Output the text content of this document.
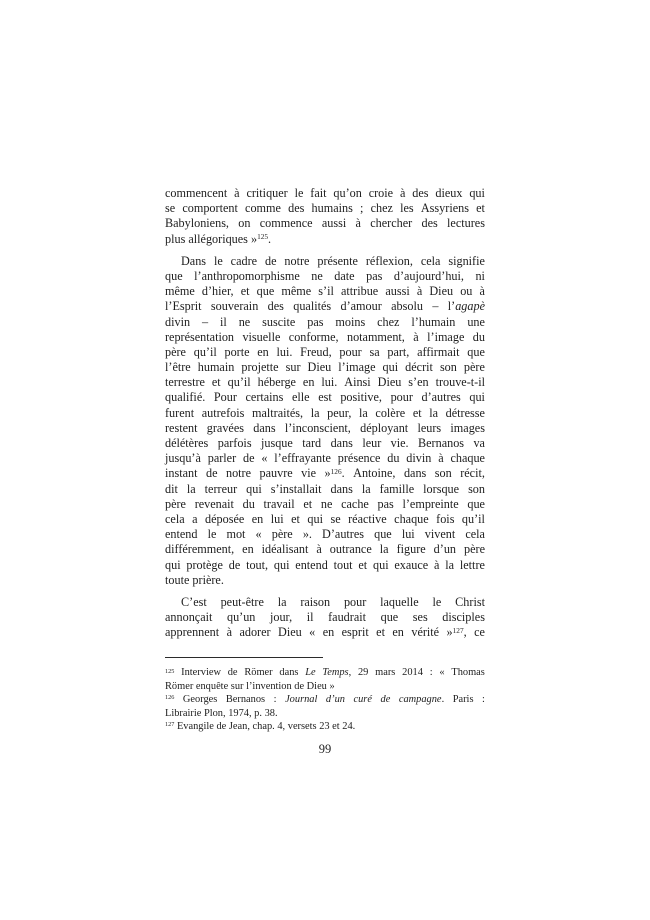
commencent à critiquer le fait qu’on croie à des dieux qui
se comportent comme des humains ; chez les Assyriens et
Babyloniens, on commence aussi à chercher des lectures
plus allégoriques »$^{125}$.
Dans le cadre de notre présente réflexion, cela signifie
que l’anthropomorphisme ne date pas d’aujourd’hui, ni
même d’hier, et que même s’il attribue aussi à Dieu ou à
l’Esprit souverain des qualités d’amour absolu – l’agapè
divin – il ne suscite pas moins chez l’humain une
représentation visuelle conforme, notamment, à l’image du
père qu’il porte en lui. Freud, pour sa part, affirmait que
l’être humain projette sur Dieu l’image qui décrit son père
terrestre et qu’il héberge en lui. Ainsi Dieu s’en trouve-t-il
qualifié. Pour certains elle est positive, pour d’autres qui
furent autrefois maltraités, la peur, la colère et la détresse
restent gravées dans l’inconscient, déployant leurs images
délétères parfois jusque tard dans leur vie. Bernanos va
jusqu’à parler de « l’effrayante présence du divin à chaque
instant de notre pauvre vie »$^{126}$. Antoine, dans son récit,
dit la terreur qui s’installait dans la famille lorsque son
père revenait du travail et ne cache pas l’empreinte que
cela a déposée en lui et qui se réactive chaque fois qu’il
entend le mot « père ». D’autres que lui vivent cela
différemment, en idéalisant à outrance la figure d’un père
qui protège de tout, qui entend tout et qui exauce à la lettre
toute prière.
C’est peut-être la raison pour laquelle le Christ
annonçait qu’un jour, il faudrait que ses disciples
apprennent à adorer Dieu « en esprit et en vérité »$^{127}$, ce
$^{125}$ Interview de Römer dans Le Temps, 29 mars 2014 : « Thomas
Römer enquête sur l’invention de Dieu »
$^{126}$ Georges Bernanos : Journal d’un curé de campagne. Paris :
Librairie Plon, 1974, p. 38.
$^{127}$ Evangile de Jean, chap. 4, versets 23 et 24.
99
